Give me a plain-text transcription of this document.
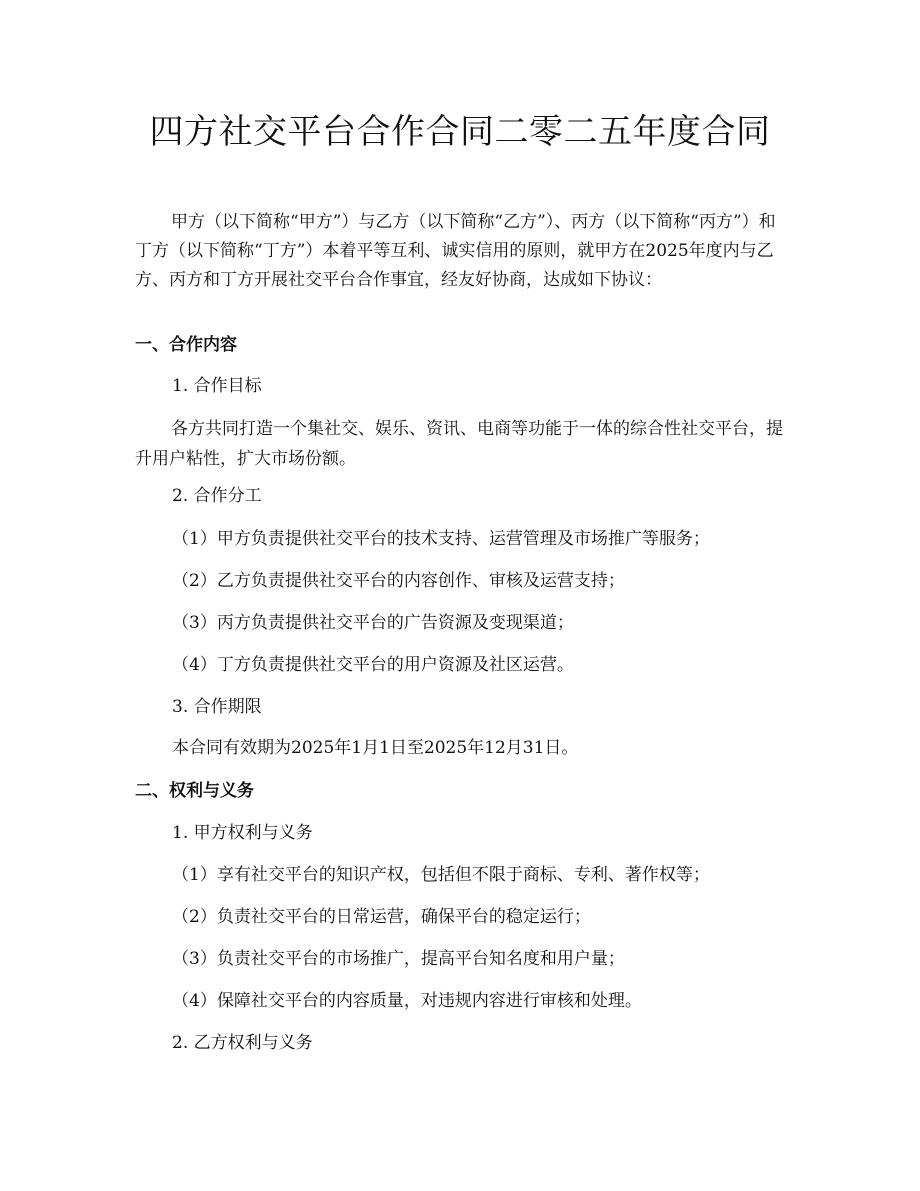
四方社交平台合作合同二零二五年度合同

甲方（以下简称“甲方”）与乙方（以下简称“乙方”）、丙方（以下简称“丙方”）和丁方（以下简称“丁方”）本着平等互利、诚实信用的原则，就甲方在2025年度内与乙方、丙方和丁方开展社交平台合作事宜，经友好协商，达成如下协议：

一、合作内容
1. 合作目标

各方共同打造一个集社交、娱乐、资讯、电商等功能于一体的综合性社交平台，提升用户粘性，扩大市场份额。

2. 合作分工
（1）甲方负责提供社交平台的技术支持、运营管理及市场推广等服务；
（2）乙方负责提供社交平台的内容创作、审核及运营支持；
（3）丙方负责提供社交平台的广告资源及变现渠道；
（4）丁方负责提供社交平台的用户资源及社区运营。
3. 合作期限
本合同有效期为2025年1月1日至2025年12月31日。
二、权利与义务
1. 甲方权利与义务
（1）享有社交平台的知识产权，包括但不限于商标、专利、著作权等；
（2）负责社交平台的日常运营，确保平台的稳定运行；
（3）负责社交平台的市场推广，提高平台知名度和用户量；
（4）保障社交平台的内容质量，对违规内容进行审核和处理。
2. 乙方权利与义务
